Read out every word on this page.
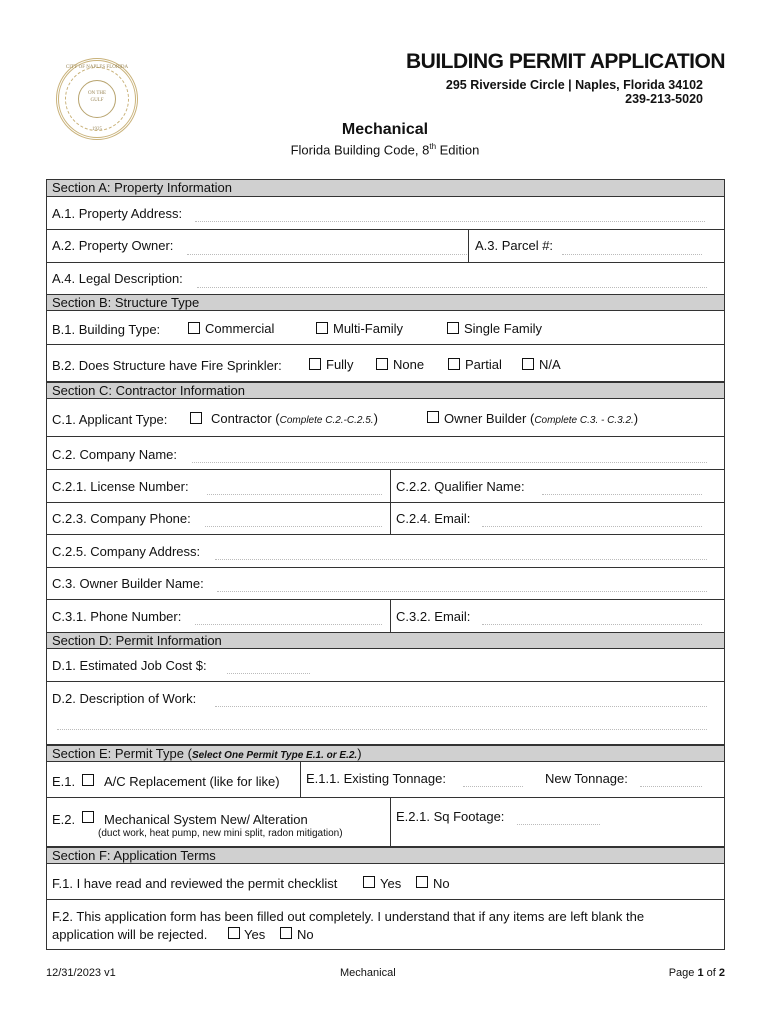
CITY OF NAPLES FLORIDA
ON THE
GULF
1925
BUILDING PERMIT APPLICATION
295 Riverside Circle | Naples, Florida 34102
239-213-5020
Mechanical
Florida Building Code, 8th Edition
Section A: Property Information
A.1. Property Address:
A.2. Property Owner:	A.3. Parcel #:
A.4. Legal Description:
Section B: Structure Type
B.1. Building Type:	Commercial	Multi-Family	Single Family
B.2. Does Structure have Fire Sprinkler:	Fully	None	Partial	N/A
Section C: Contractor Information
C.1. Applicant Type:	Contractor (Complete C.2.-C.2.5.)	Owner Builder (Complete C.3. - C.3.2.)
C.2. Company Name:
C.2.1. License Number:	C.2.2. Qualifier Name:
C.2.3. Company Phone:	C.2.4. Email:
C.2.5. Company Address:
C.3. Owner Builder Name:
C.3.1. Phone Number:	C.3.2. Email:
Section D: Permit Information
D.1. Estimated Job Cost $:
D.2. Description of Work:
Section E: Permit Type (Select One Permit Type E.1. or E.2.)
E.1. A/C Replacement (like for like) E.1.1. Existing Tonnage:	New Tonnage:
E.2. Mechanical System New/ Alteration
(duct work, heat pump, new mini split, radon mitigation)
E.2.1. Sq Footage:
Section F: Application Terms
F.1. I have read and reviewed the permit checklist	Yes No
F.2. This application form has been filled out completely. I understand that if any items are left blank the
application will be rejected.	Yes No
12/31/2023 v1	Mechanical	Page 1 of 2
